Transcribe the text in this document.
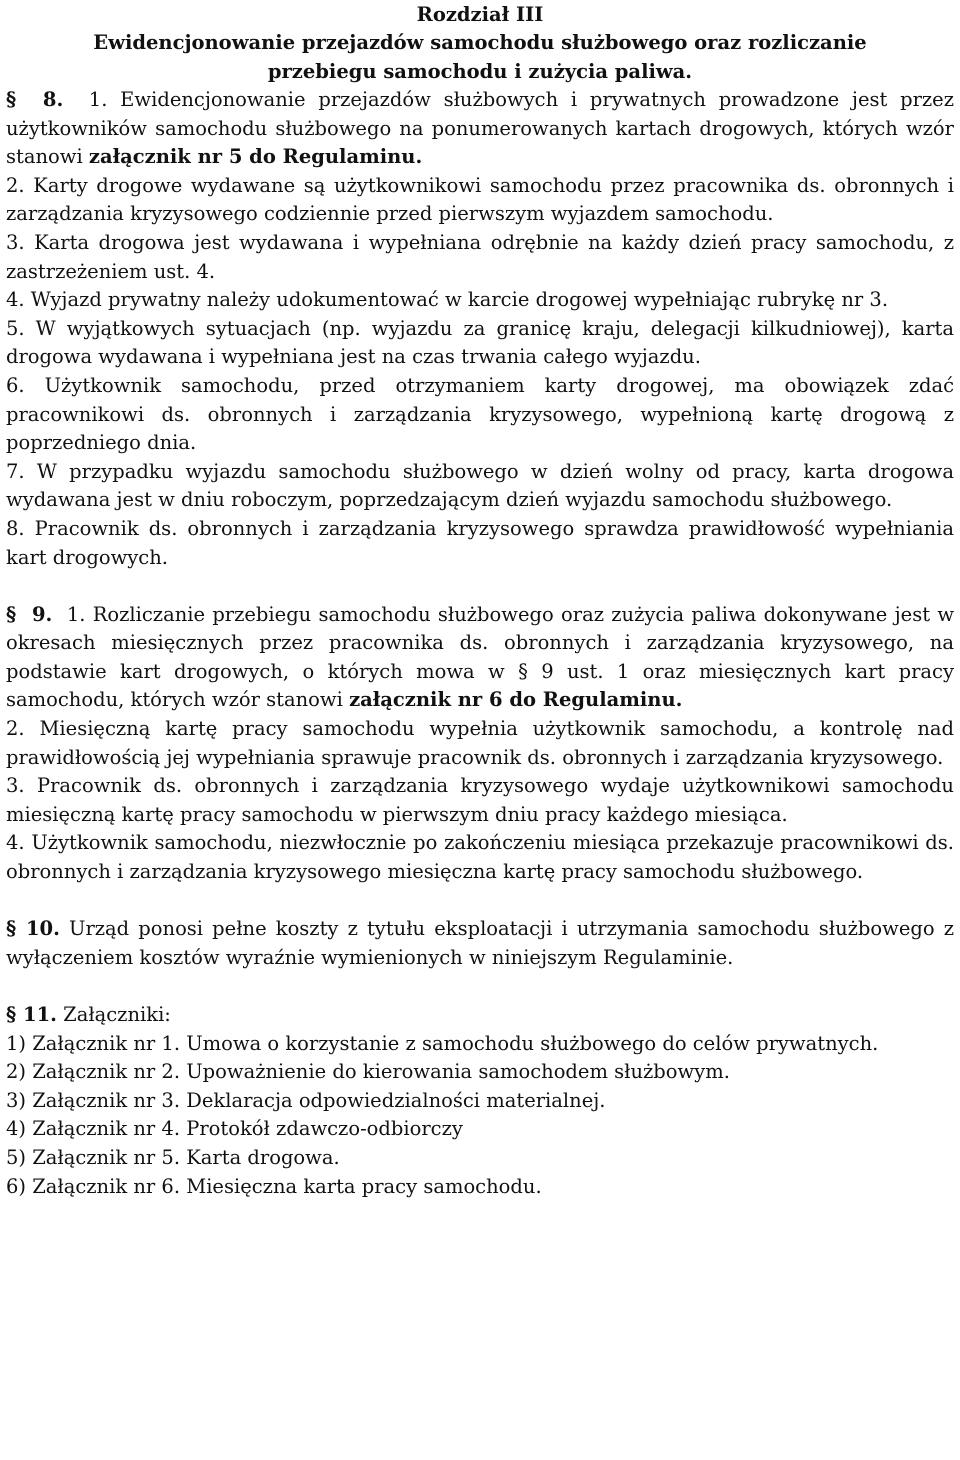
Rozdział III

Ewidencjonowanie przejazdów samochodu służbowego oraz rozliczanie

przebiegu samochodu i zużycia paliwa.

§ 8. 1. Ewidencjonowanie przejazdów służbowych i prywatnych prowadzone jest przez użytkowników samochodu służbowego na ponumerowanych kartach drogowych, których wzór stanowi załącznik nr 5 do Regulaminu.

2. Karty drogowe wydawane są użytkownikowi samochodu przez pracownika ds. obronnych i zarządzania kryzysowego codziennie przed pierwszym wyjazdem samochodu.

3. Karta drogowa jest wydawana i wypełniana odrębnie na każdy dzień pracy samochodu, z zastrzeżeniem ust. 4.

4. Wyjazd prywatny należy udokumentować w karcie drogowej wypełniając rubrykę nr 3.

5. W wyjątkowych sytuacjach (np. wyjazdu za granicę kraju, delegacji kilkudniowej), karta drogowa wydawana i wypełniana jest na czas trwania całego wyjazdu.

6. Użytkownik samochodu, przed otrzymaniem karty drogowej, ma obowiązek zdać pracownikowi ds. obronnych i zarządzania kryzysowego, wypełnioną kartę drogową z poprzedniego dnia.

7. W przypadku wyjazdu samochodu służbowego w dzień wolny od pracy, karta drogowa wydawana jest w dniu roboczym, poprzedzającym dzień wyjazdu samochodu służbowego.

8. Pracownik ds. obronnych i zarządzania kryzysowego sprawdza prawidłowość wypełniania kart drogowych.

§ 9. 1. Rozliczanie przebiegu samochodu służbowego oraz zużycia paliwa dokonywane jest w okresach miesięcznych przez pracownika ds. obronnych i zarządzania kryzysowego, na podstawie kart drogowych, o których mowa w § 9 ust. 1 oraz miesięcznych kart pracy samochodu, których wzór stanowi załącznik nr 6 do Regulaminu.

2. Miesięczną kartę pracy samochodu wypełnia użytkownik samochodu, a kontrolę nad prawidłowością jej wypełniania sprawuje pracownik ds. obronnych i zarządzania kryzysowego.

3. Pracownik ds. obronnych i zarządzania kryzysowego wydaje użytkownikowi samochodu miesięczną kartę pracy samochodu w pierwszym dniu pracy każdego miesiąca.

4. Użytkownik samochodu, niezwłocznie po zakończeniu miesiąca przekazuje pracownikowi ds. obronnych i zarządzania kryzysowego miesięczna kartę pracy samochodu służbowego.

§ 10. Urząd ponosi pełne koszty z tytułu eksploatacji i utrzymania samochodu służbowego z wyłączeniem kosztów wyraźnie wymienionych w niniejszym Regulaminie.

§ 11. Załączniki:

1) Załącznik nr 1. Umowa o korzystanie z samochodu służbowego do celów prywatnych.

2) Załącznik nr 2. Upoważnienie do kierowania samochodem służbowym.

3) Załącznik nr 3. Deklaracja odpowiedzialności materialnej.

4) Załącznik nr 4. Protokół zdawczo-odbiorczy

5) Załącznik nr 5. Karta drogowa.

6) Załącznik nr 6. Miesięczna karta pracy samochodu.
